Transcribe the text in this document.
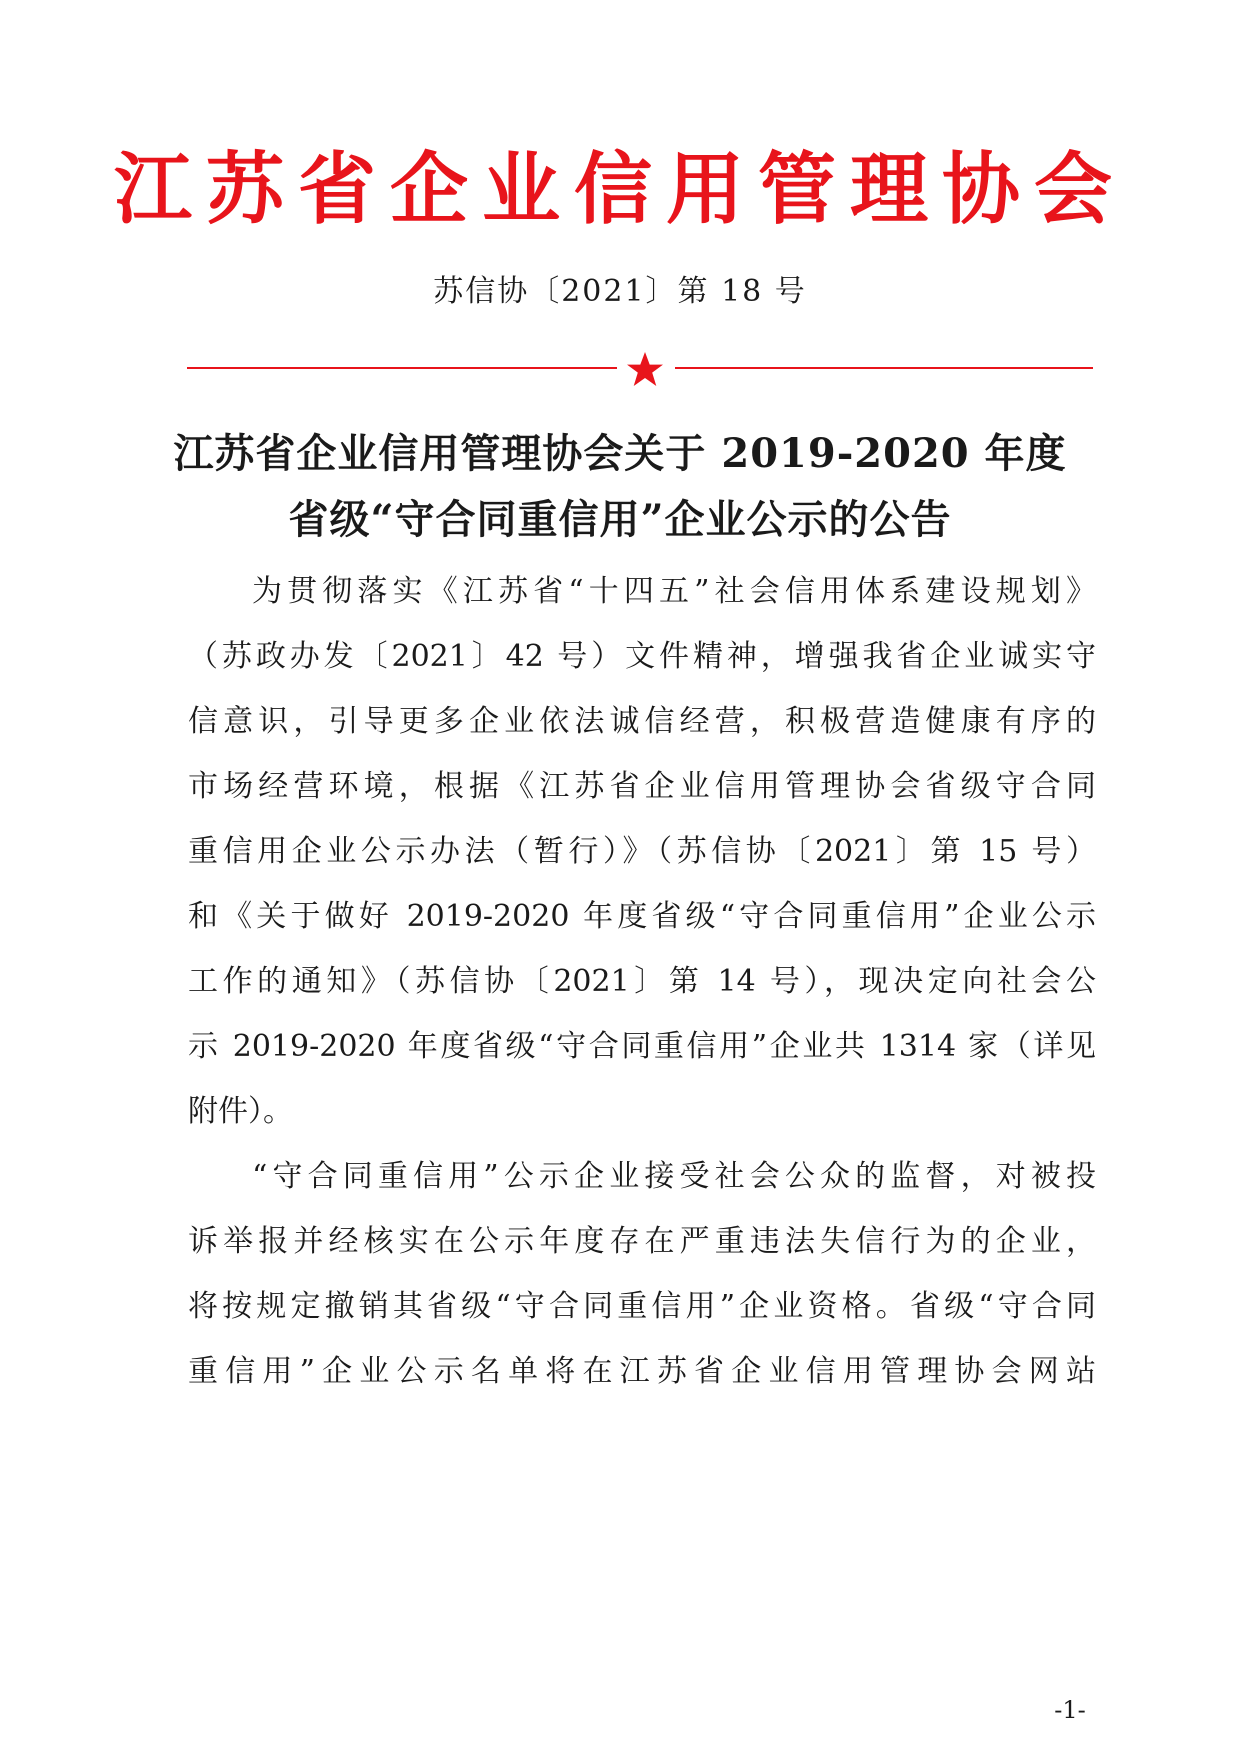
江苏省企业信用管理协会
苏信协〔2021〕第 18 号
江苏省企业信用管理协会关于 2019-2020 年度
省级“守合同重信用”企业公示的公告
为贯彻落实《江苏省“十四五”社会信用体系建设规划》
（苏政办发〔2021〕42 号）文件精神，增强我省企业诚实守
信意识，引导更多企业依法诚信经营，积极营造健康有序的
市场经营环境，根据《江苏省企业信用管理协会省级守合同
重信用企业公示办法（暂行）》（苏信协〔2021〕第 15 号）
和《关于做好 2019-2020 年度省级“守合同重信用”企业公示
工作的通知》（苏信协〔2021〕第 14 号），现决定向社会公
示 2019-2020 年度省级“守合同重信用”企业共 1314 家（详见
附件）。
“守合同重信用”公示企业接受社会公众的监督，对被投
诉举报并经核实在公示年度存在严重违法失信行为的企业，
将按规定撤销其省级“守合同重信用”企业资格。省级“守合同
重信用”企业公示名单将在江苏省企业信用管理协会网站
-1-
